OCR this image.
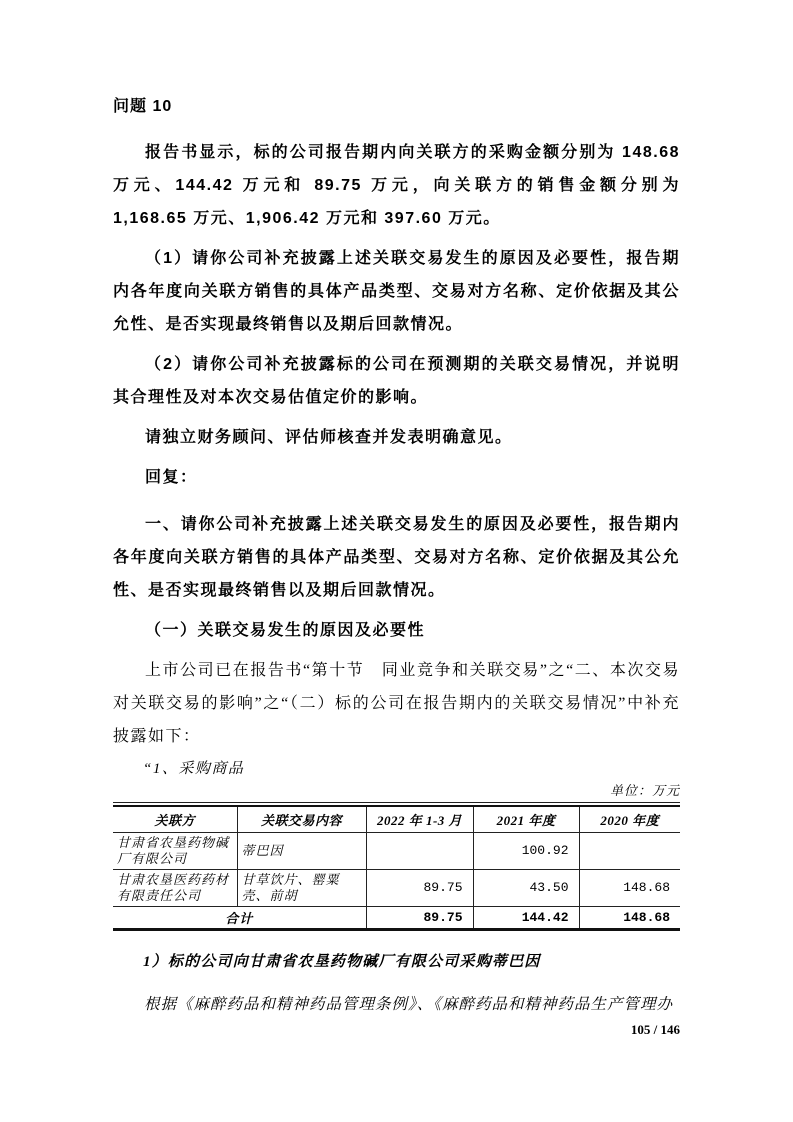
问题 10

报告书显示，标的公司报告期内向关联方的采购金额分别为 148.68 万元、144.42 万元和 89.75 万元，向关联方的销售金额分别为 1,168.65 万元、1,906.42 万元和 397.60 万元。

（1）请你公司补充披露上述关联交易发生的原因及必要性，报告期内各年度向关联方销售的具体产品类型、交易对方名称、定价依据及其公允性、是否实现最终销售以及期后回款情况。

（2）请你公司补充披露标的公司在预测期的关联交易情况，并说明其合理性及对本次交易估值定价的影响。

请独立财务顾问、评估师核查并发表明确意见。

回复：

一、请你公司补充披露上述关联交易发生的原因及必要性，报告期内各年度向关联方销售的具体产品类型、交易对方名称、定价依据及其公允性、是否实现最终销售以及期后回款情况。

（一）关联交易发生的原因及必要性

上市公司已在报告书“第十节　同业竞争和关联交易”之“二、本次交易对关联交易的影响”之“（二）标的公司在报告期内的关联交易情况”中补充披露如下：

“1、采购商品

单位：万元
关联方	关联交易内容	2022 年 1-3 月	2021 年度	2020 年度
甘肃省农垦药物碱厂有限公司	蒂巴因		100.92	
甘肃农垦医药药材有限责任公司	甘草饮片、罂粟壳、前胡	89.75	43.50	148.68
合计		89.75	144.42	148.68

1）标的公司向甘肃省农垦药物碱厂有限公司采购蒂巴因

根据《麻醉药品和精神药品管理条例》、《麻醉药品和精神药品生产管理办

105 / 146
